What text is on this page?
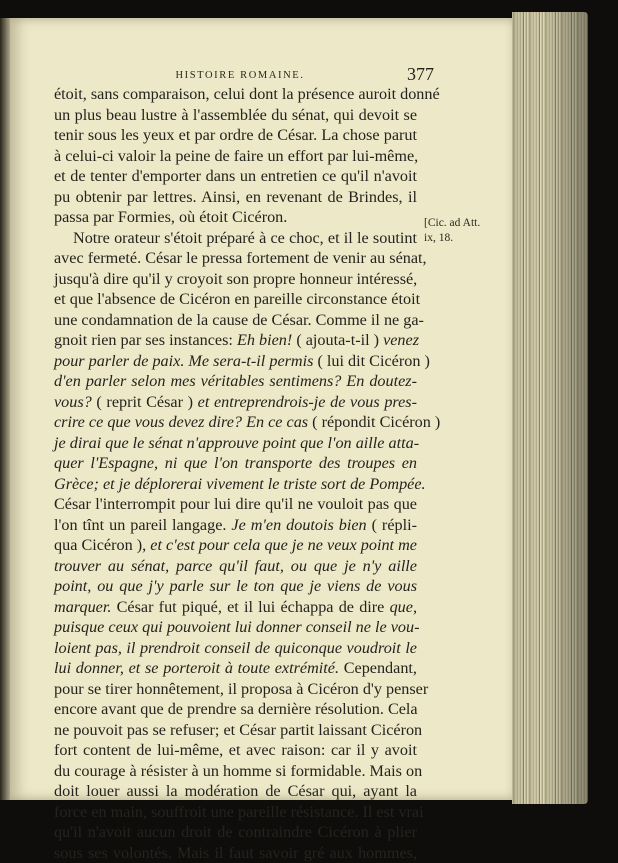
HISTOIRE ROMAINE.	377
étoit, sans comparaison, celui dont la présence auroit donné
un plus beau lustre à l'assemblée du sénat, qui devoit se
tenir sous les yeux et par ordre de César. La chose parut
à celui-ci valoir la peine de faire un effort par lui-même,
et de tenter d'emporter dans un entretien ce qu'il n'avoit
pu obtenir par lettres. Ainsi, en revenant de Brindes, il
passa par Formies, où étoit Cicéron.
Notre orateur s'étoit préparé à ce choc, et il le soutint
avec fermeté. César le pressa fortement de venir au sénat,
jusqu'à dire qu'il y croyoit son propre honneur intéressé,
et que l'absence de Cicéron en pareille circonstance étoit
une condamnation de la cause de César. Comme il ne ga-
gnoit rien par ses instances: Eh bien! ( ajouta-t-il ) venez
pour parler de paix. Me sera-t-il permis ( lui dit Cicéron )
d'en parler selon mes véritables sentimens? En doutez-
vous? ( reprit César ) et entreprendrois-je de vous pres-
crire ce que vous devez dire? En ce cas ( répondit Cicéron )
je dirai que le sénat n'approuve point que l'on aille atta-
quer l'Espagne, ni que l'on transporte des troupes en
Grèce; et je déplorerai vivement le triste sort de Pompée.
César l'interrompit pour lui dire qu'il ne vouloit pas que
l'on tînt un pareil langage. Je m'en doutois bien ( répli-
qua Cicéron ), et c'est pour cela que je ne veux point me
trouver au sénat, parce qu'il faut, ou que je n'y aille
point, ou que j'y parle sur le ton que je viens de vous
marquer. César fut piqué, et il lui échappa de dire que,
puisque ceux qui pouvoient lui donner conseil ne le vou-
loient pas, il prendroit conseil de quiconque voudroit le
lui donner, et se porteroit à toute extrémité. Cependant,
pour se tirer honnêtement, il proposa à Cicéron d'y penser
encore avant que de prendre sa dernière résolution. Cela
ne pouvoit pas se refuser; et César partit laissant Cicéron
fort content de lui-même, et avec raison: car il y avoit
du courage à résister à un homme si formidable. Mais on
doit louer aussi la modération de César qui, ayant la
force en main, souffroit une pareille résistance. Il est vrai
qu'il n'avoit aucun droit de contraindre Cicéron à plier
sous ses volontés. Mais il faut savoir gré aux hommes,
[Cic. ad Att.
ix, 18.
